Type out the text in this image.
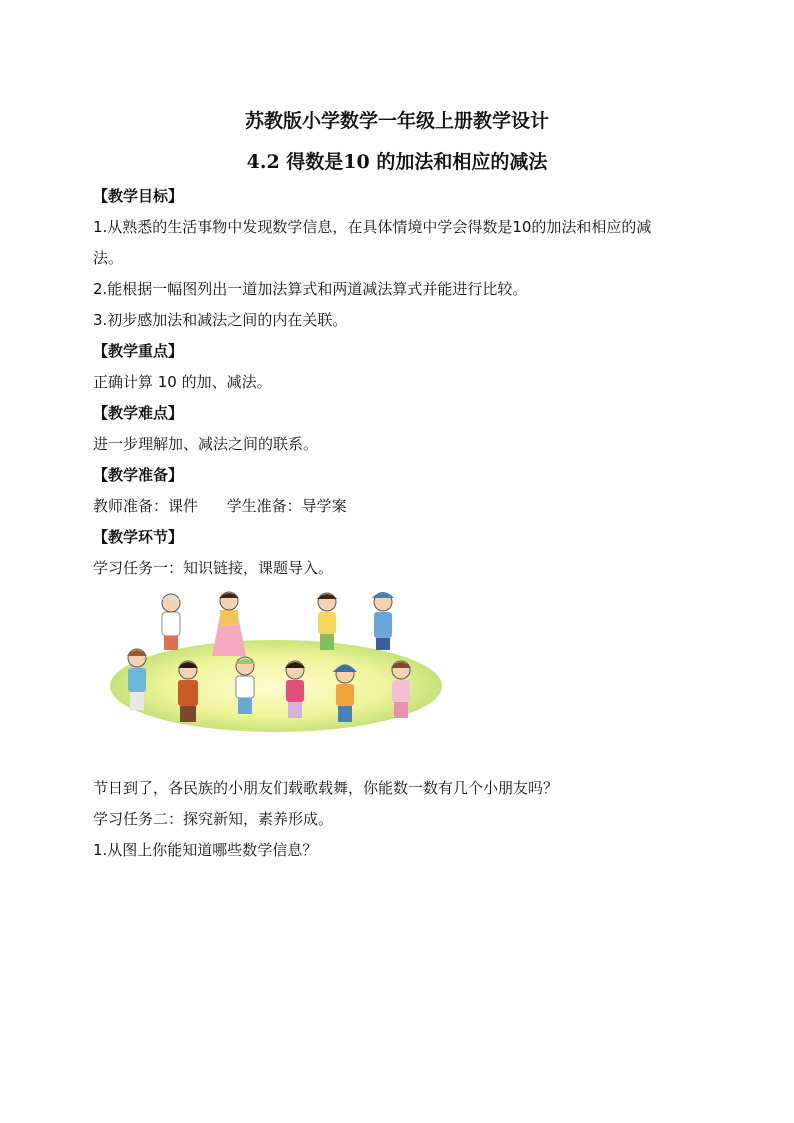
苏教版小学数学一年级上册教学设计
4.2 得数是10 的加法和相应的减法
【教学目标】
1.从熟悉的生活事物中发现数学信息，在具体情境中学会得数是10的加法和相应的减
法。
2.能根据一幅图列出一道加法算式和两道减法算式并能进行比较。
3.初步感加法和减法之间的内在关联。
【教学重点】
正确计算 10 的加、减法。
【教学难点】
进一步理解加、减法之间的联系。
【教学准备】
教师准备：课件      学生准备：导学案
【教学环节】
学习任务一：知识链接，课题导入。
节日到了，各民族的小朋友们载歌载舞，你能数一数有几个小朋友吗？
学习任务二：探究新知，素养形成。
1.从图上你能知道哪些数学信息？
